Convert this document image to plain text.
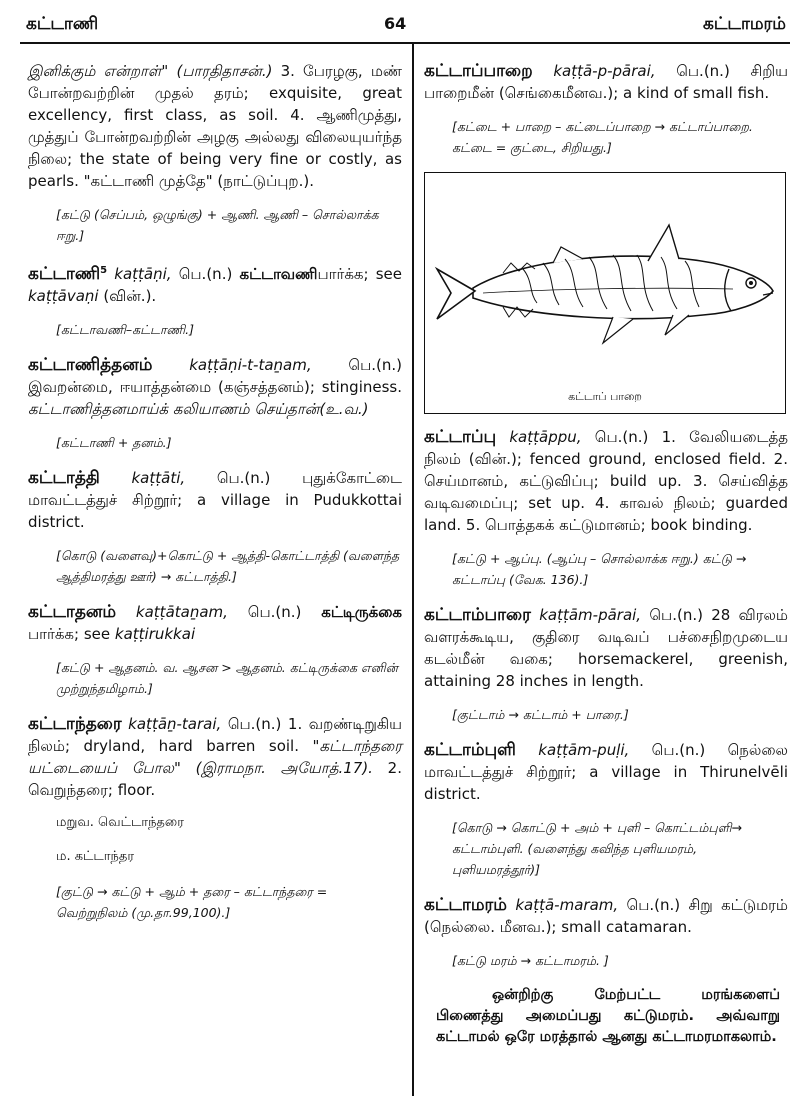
கட்டாணி	64	கட்டாமரம்
இனிக்கும் என்றாள்" (பாரதிதாசன்.) 3. பேரழகு, மண் போன்றவற்றின் முதல் தரம்; exquisite, great excellency, first class, as soil. 4. ஆணிமுத்து, முத்துப் போன்றவற்றின் அழகு அல்லது விலையுயர்ந்த நிலை; the state of being very fine or costly, as pearls. "கட்டாணி முத்தே" (நாட்டுப்புற.).
[கட்டு (செப்பம், ஒழுங்கு) + ஆணி. ஆணி – சொல்லாக்க ஈறு.]
கட்டாணி$^5$ kaṭṭāṇi, பெ.(n.) கட்டாவணிபார்க்க; see kaṭṭāvaṇi (வின்.).
[கட்டாவணி–கட்டாணி.]
கட்டாணித்தனம் kaṭṭāṇi-t-taṉam, பெ.(n.) இவறன்மை, ஈயாத்தன்மை (கஞ்சத்தனம்); stinginess. கட்டாணித்தனமாய்க் கலியாணம் செய்தான்(உ.வ.)
[கட்டாணி + தனம்.]
கட்டாத்தி kaṭṭāti, பெ.(n.) புதுக்கோட்டை மாவட்டத்துச் சிற்றூர்; a village in Pudukkottai district.
[கொடு (வளைவு)+கொட்டு + ஆத்தி-கொட்டாத்தி (வளைந்த ஆத்திமரத்து ஊர்) → கட்டாத்தி.]
கட்டாதனம் kaṭṭātaṉam, பெ.(n.) கட்டிருக்கை பார்க்க; see kaṭṭirukkai
[கட்டு + ஆதனம். வ. ஆசன > ஆதனம். கட்டிருக்கை எனின் முற்றுந்தமிழாம்.]
கட்டாந்தரை kaṭṭāṉ-tarai, பெ.(n.) 1. வறண்டிறுகிய நிலம்; dryland, hard barren soil. "கட்டாந்தரை யட்டையைப் போல" (இராமநா. அயோத்.17). 2. வெறுந்தரை; floor.
மறுவ. வெட்டாந்தரை
ம. கட்டாந்தர
[குட்டு → கட்டு + ஆம் + தரை – கட்டாந்தரை = வெற்றுநிலம் (மு.தா.99,100).]
கட்டாப்பாறை kaṭṭā-p-pārai, பெ.(n.) சிறிய பாறைமீன் (செங்கைமீனவ.); a kind of small fish.
[கட்டை + பாறை – கட்டைப்பாறை → கட்டாப்பாறை. கட்டை = குட்டை, சிறியது.]
கட்டாப் பாறை
கட்டாப்பு kaṭṭāppu, பெ.(n.) 1. வேலியடைத்த நிலம் (வின்.); fenced ground, enclosed field. 2. செய்மானம், கட்டுவிப்பு; build up. 3. செய்வித்த வடிவமைப்பு; set up. 4. காவல் நிலம்; guarded land. 5. பொத்தகக் கட்டுமானம்; book binding.
[கட்டு + ஆப்பு. (ஆப்பு – சொல்லாக்க ஈறு.) கட்டு → கட்டாப்பு (வேக. 136).]
கட்டாம்பாரை kaṭṭām-pārai, பெ.(n.) 28 விரலம் வளரக்கூடிய, குதிரை வடிவப் பச்சைநிறமுடைய கடல்மீன் வகை; horsemackerel, greenish, attaining 28 inches in length.
[குட்டாம் → கட்டாம் + பாரை.]
கட்டாம்புளி kaṭṭām-puḷi, பெ.(n.) நெல்லை மாவட்டத்துச் சிற்றூர்; a village in Thirunelvēli district.
[கொடு → கொட்டு + அம் + புளி – கொட்டம்புளி→ கட்டாம்புளி. (வளைந்து கவிந்த புளியமரம், புளியமரத்தூர்)]
கட்டாமரம் kaṭṭā-maram, பெ.(n.) சிறு கட்டுமரம் (நெல்லை. மீனவ.); small catamaran.
[கட்டு மரம் → கட்டாமரம். ]
ஒன்றிற்கு மேற்பட்ட மரங்களைப் பிணைத்து அமைப்பது கட்டுமரம். அவ்வாறு கட்டாமல் ஒரே மரத்தால் ஆனது கட்டாமரமாகலாம்.
